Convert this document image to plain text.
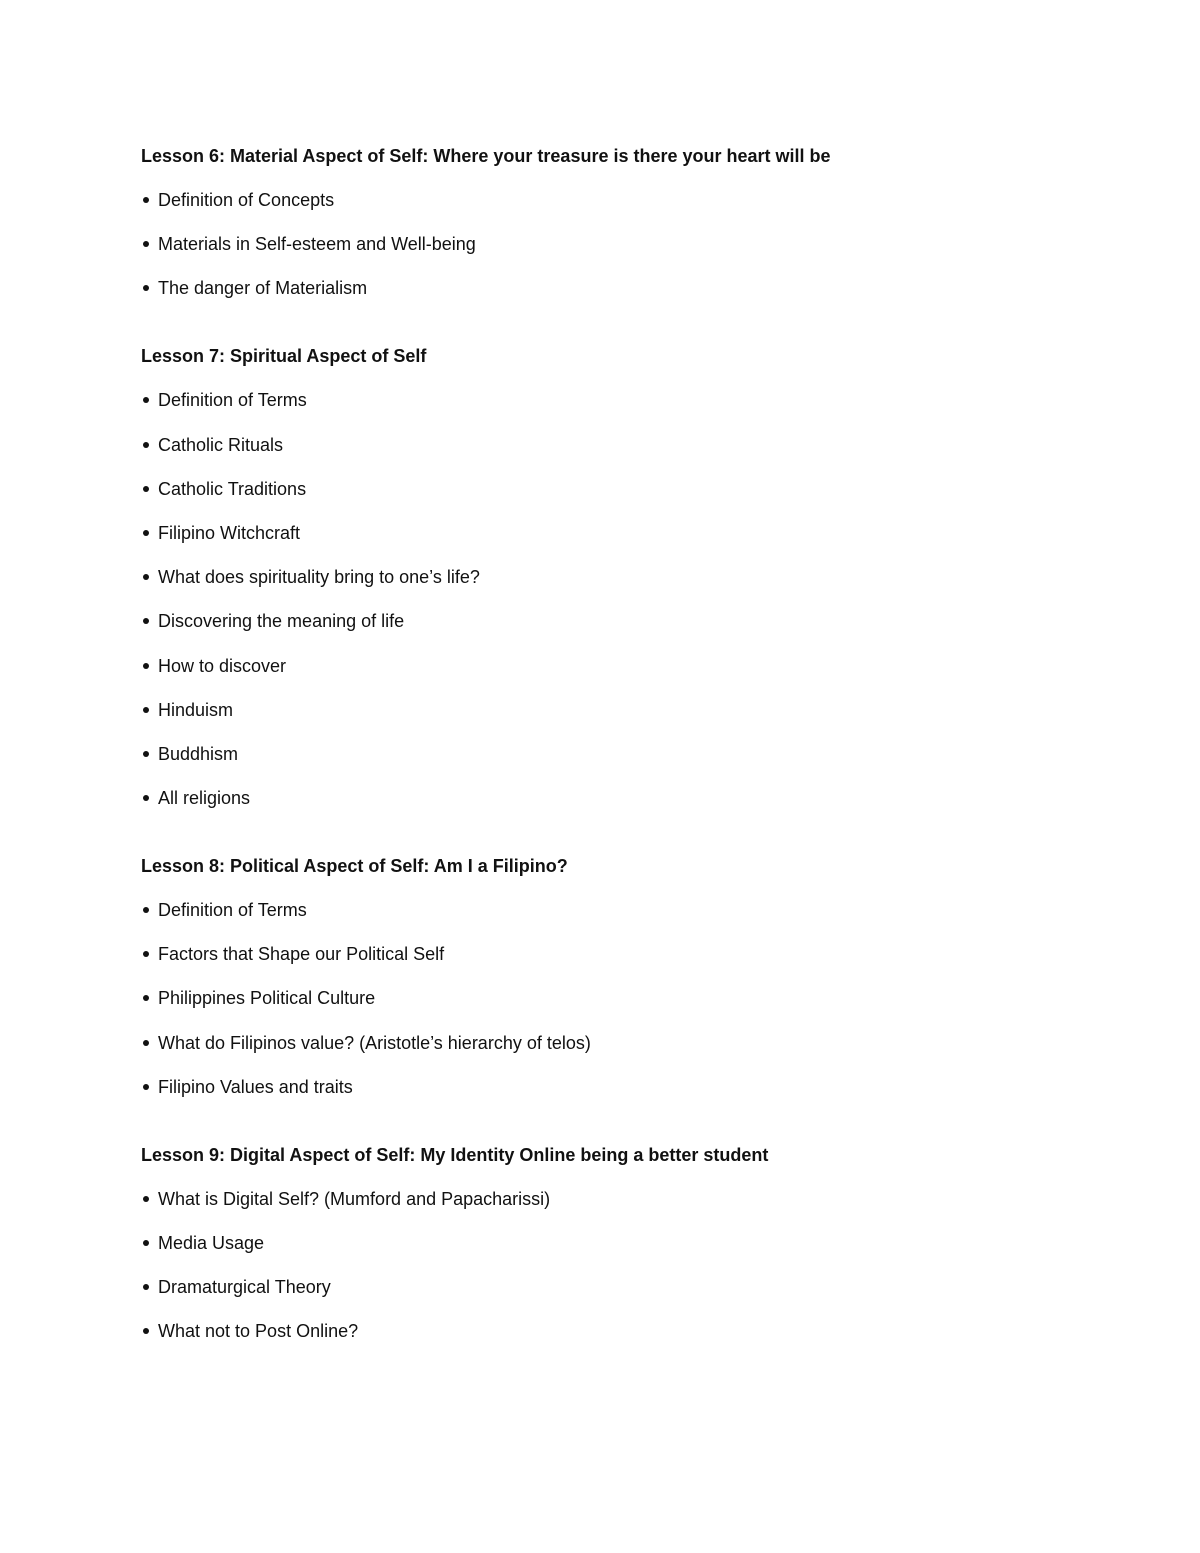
Lesson 6: Material Aspect of Self: Where your treasure is there your heart will be

Definition of Concepts
Materials in Self-esteem and Well-being
The danger of Materialism

Lesson 7: Spiritual Aspect of Self

Definition of Terms
Catholic Rituals
Catholic Traditions
Filipino Witchcraft
What does spirituality bring to one’s life?
Discovering the meaning of life
How to discover
Hinduism
Buddhism
All religions

Lesson 8: Political Aspect of Self: Am I a Filipino?

Definition of Terms
Factors that Shape our Political Self
Philippines Political Culture
What do Filipinos value? (Aristotle’s hierarchy of telos)
Filipino Values and traits

Lesson 9: Digital Aspect of Self: My Identity Online being a better student

What is Digital Self? (Mumford and Papacharissi)
Media Usage
Dramaturgical Theory
What not to Post Online?
